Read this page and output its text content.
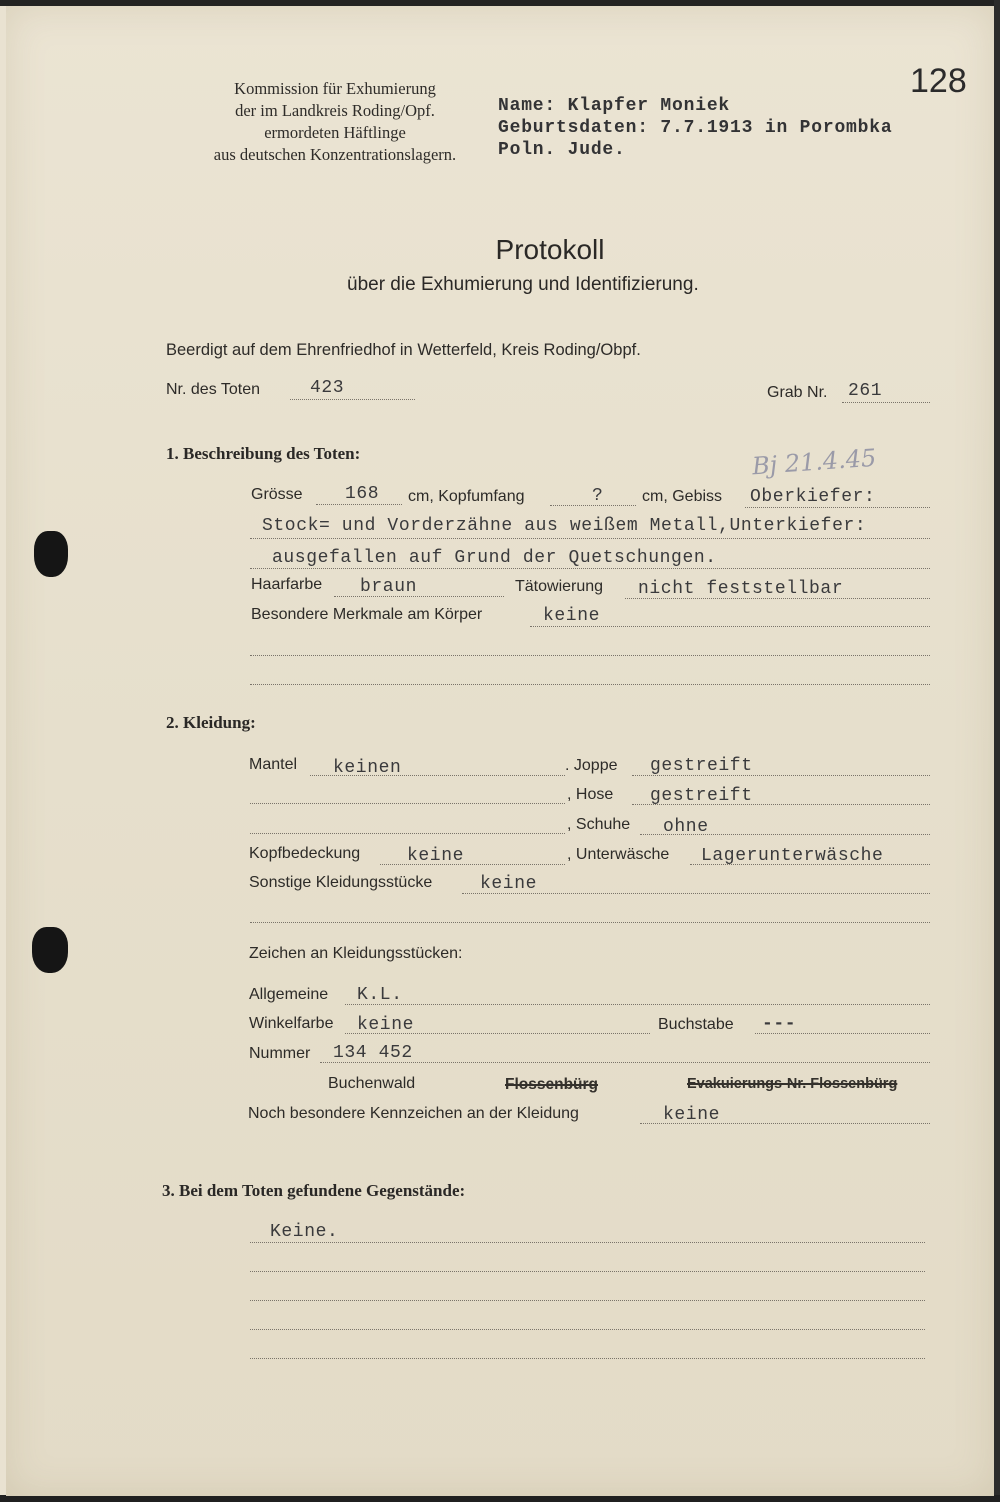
Kommission für Exhumierung
der im Landkreis Roding/Opf.
ermordeten Häftlinge
aus deutschen Konzentrationslagern.
128
Name: Klapfer Moniek
Geburtsdaten: 7.7.1913 in Porombka
Poln. Jude.
Protokoll
über die Exhumierung und Identifizierung.
Beerdigt auf dem Ehrenfriedhof in Wetterfeld, Kreis Roding/Obpf.
Nr. des Toten	423	Grab Nr. 261
1. Beschreibung des Toten:	Bj 21.4.45
Grösse 168 cm, Kopfumfang	? cm, Gebiss Oberkiefer:
Stock= und Vorderzähne aus weißem Metall,Unterkiefer:
ausgefallen auf Grund der Quetschungen.
Haarfarbe braun	Tätowierung nicht feststellbar
Besondere Merkmale am Körper	keine
2. Kleidung:
Mantel keinen	. Joppe gestreift
, Hose gestreift
, Schuhe ohne
Kopfbedeckung	keine	, Unterwäsche Lagerunterwäsche
Sonstige Kleidungsstücke	keine
Zeichen an Kleidungsstücken:
Allgemeine K.L.
Winkelfarbe keine	Buchstabe ---
Nummer 134 452
Buchenwald	Flossenbürg	Evakuierungs-Nr. Flossenbürg
Noch besondere Kennzeichen an der Kleidung	keine
3. Bei dem Toten gefundene Gegenstände:
Keine.
